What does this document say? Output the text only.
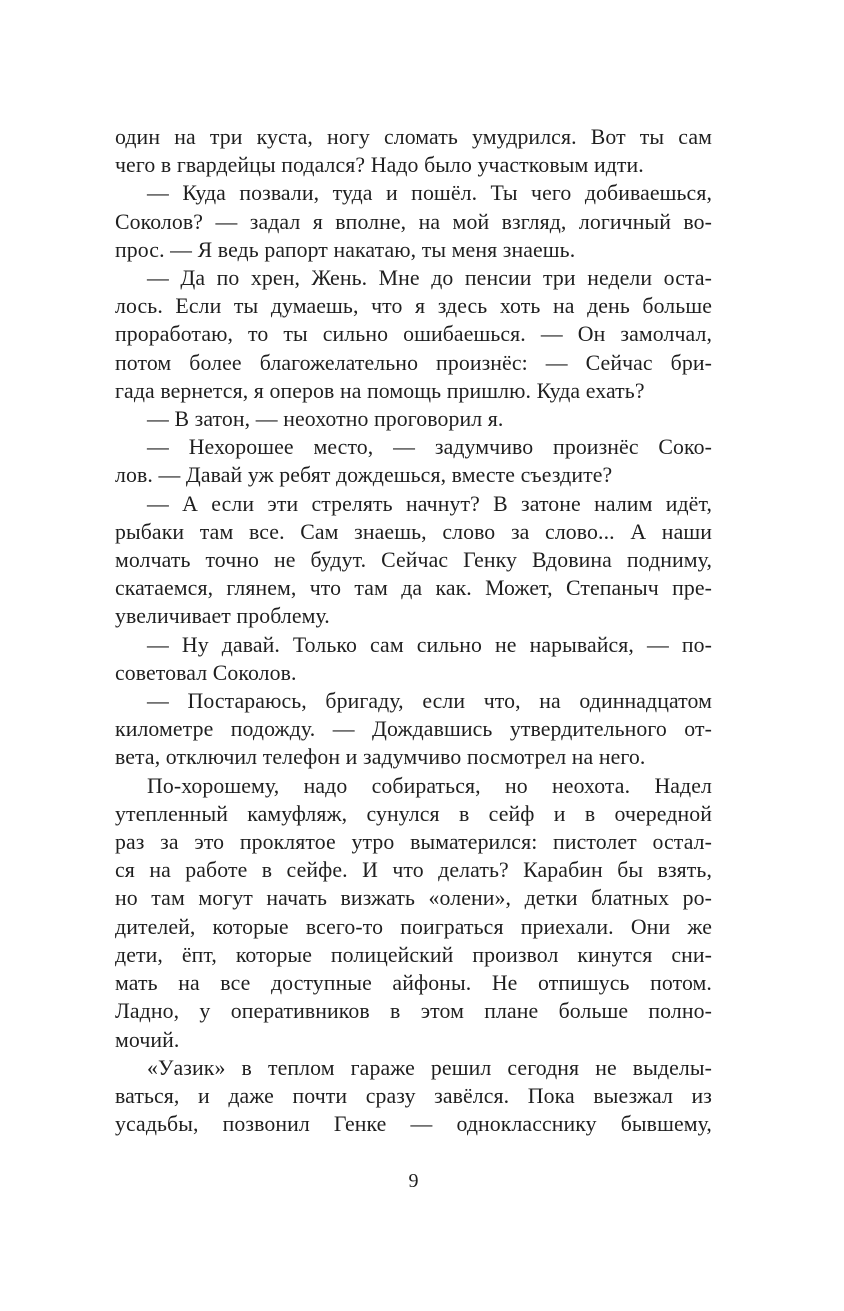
один на три куста, ногу сломать умудрился. Вот ты сам
чего в гвардейцы подался? Надо было участковым идти.
— Куда позвали, туда и пошёл. Ты чего добиваешься,
Соколов? — задал я вполне, на мой взгляд, логичный во-
прос. — Я ведь рапорт накатаю, ты меня знаешь.
— Да по хрен, Жень. Мне до пенсии три недели оста-
лось. Если ты думаешь, что я здесь хоть на день больше
проработаю, то ты сильно ошибаешься. — Он замолчал,
потом более благожелательно произнёс: — Сейчас бри-
гада вернется, я оперов на помощь пришлю. Куда ехать?
— В затон, — неохотно проговорил я.
— Нехорошее место, — задумчиво произнёс Соко-
лов. — Давай уж ребят дождешься, вместе съездите?
— А если эти стрелять начнут? В затоне налим идёт,
рыбаки там все. Сам знаешь, слово за слово... А наши
молчать точно не будут. Сейчас Генку Вдовина подниму,
скатаемся, глянем, что там да как. Может, Степаныч пре-
увеличивает проблему.
— Ну давай. Только сам сильно не нарывайся, — по-
советовал Соколов.
— Постараюсь, бригаду, если что, на одиннадцатом
километре подожду. — Дождавшись утвердительного от-
вета, отключил телефон и задумчиво посмотрел на него.
По-хорошему, надо собираться, но неохота. Надел
утепленный камуфляж, сунулся в сейф и в очередной
раз за это проклятое утро выматерился: пистолет остал-
ся на работе в сейфе. И что делать? Карабин бы взять,
но там могут начать визжать «олени», детки блатных ро-
дителей, которые всего-то поиграться приехали. Они же
дети, ёпт, которые полицейский произвол кинутся сни-
мать на все доступные айфоны. Не отпишусь потом.
Ладно, у оперативников в этом плане больше полно-
мочий.
«Уазик» в теплом гараже решил сегодня не выделы-
ваться, и даже почти сразу завёлся. Пока выезжал из
усадьбы, позвонил Генке — однокласснику бывшему,
9
